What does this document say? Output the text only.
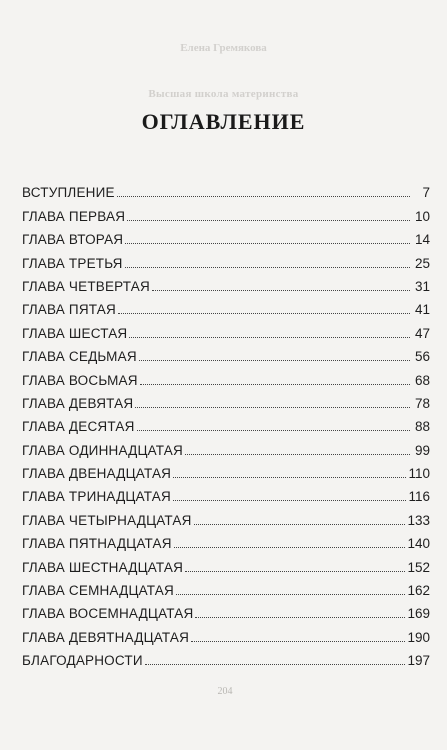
Елена Гремякова
Высшая школа материнства
ОГЛАВЛЕНИЕ
ВСТУПЛЕНИЕ	7
ГЛАВА ПЕРВАЯ	10
ГЛАВА ВТОРАЯ	14
ГЛАВА ТРЕТЬЯ	25
ГЛАВА ЧЕТВЕРТАЯ	31
ГЛАВА ПЯТАЯ	41
ГЛАВА ШЕСТАЯ	47
ГЛАВА СЕДЬМАЯ	56
ГЛАВА ВОСЬМАЯ	68
ГЛАВА ДЕВЯТАЯ	78
ГЛАВА ДЕСЯТАЯ	88
ГЛАВА ОДИННАДЦАТАЯ	99
ГЛАВА ДВЕНАДЦАТАЯ	110
ГЛАВА ТРИНАДЦАТАЯ	116
ГЛАВА ЧЕТЫРНАДЦАТАЯ	133
ГЛАВА ПЯТНАДЦАТАЯ	140
ГЛАВА ШЕСТНАДЦАТАЯ	152
ГЛАВА СЕМНАДЦАТАЯ	162
ГЛАВА ВОСЕМНАДЦАТАЯ	169
ГЛАВА ДЕВЯТНАДЦАТАЯ	190
БЛАГОДАРНОСТИ	197
204
